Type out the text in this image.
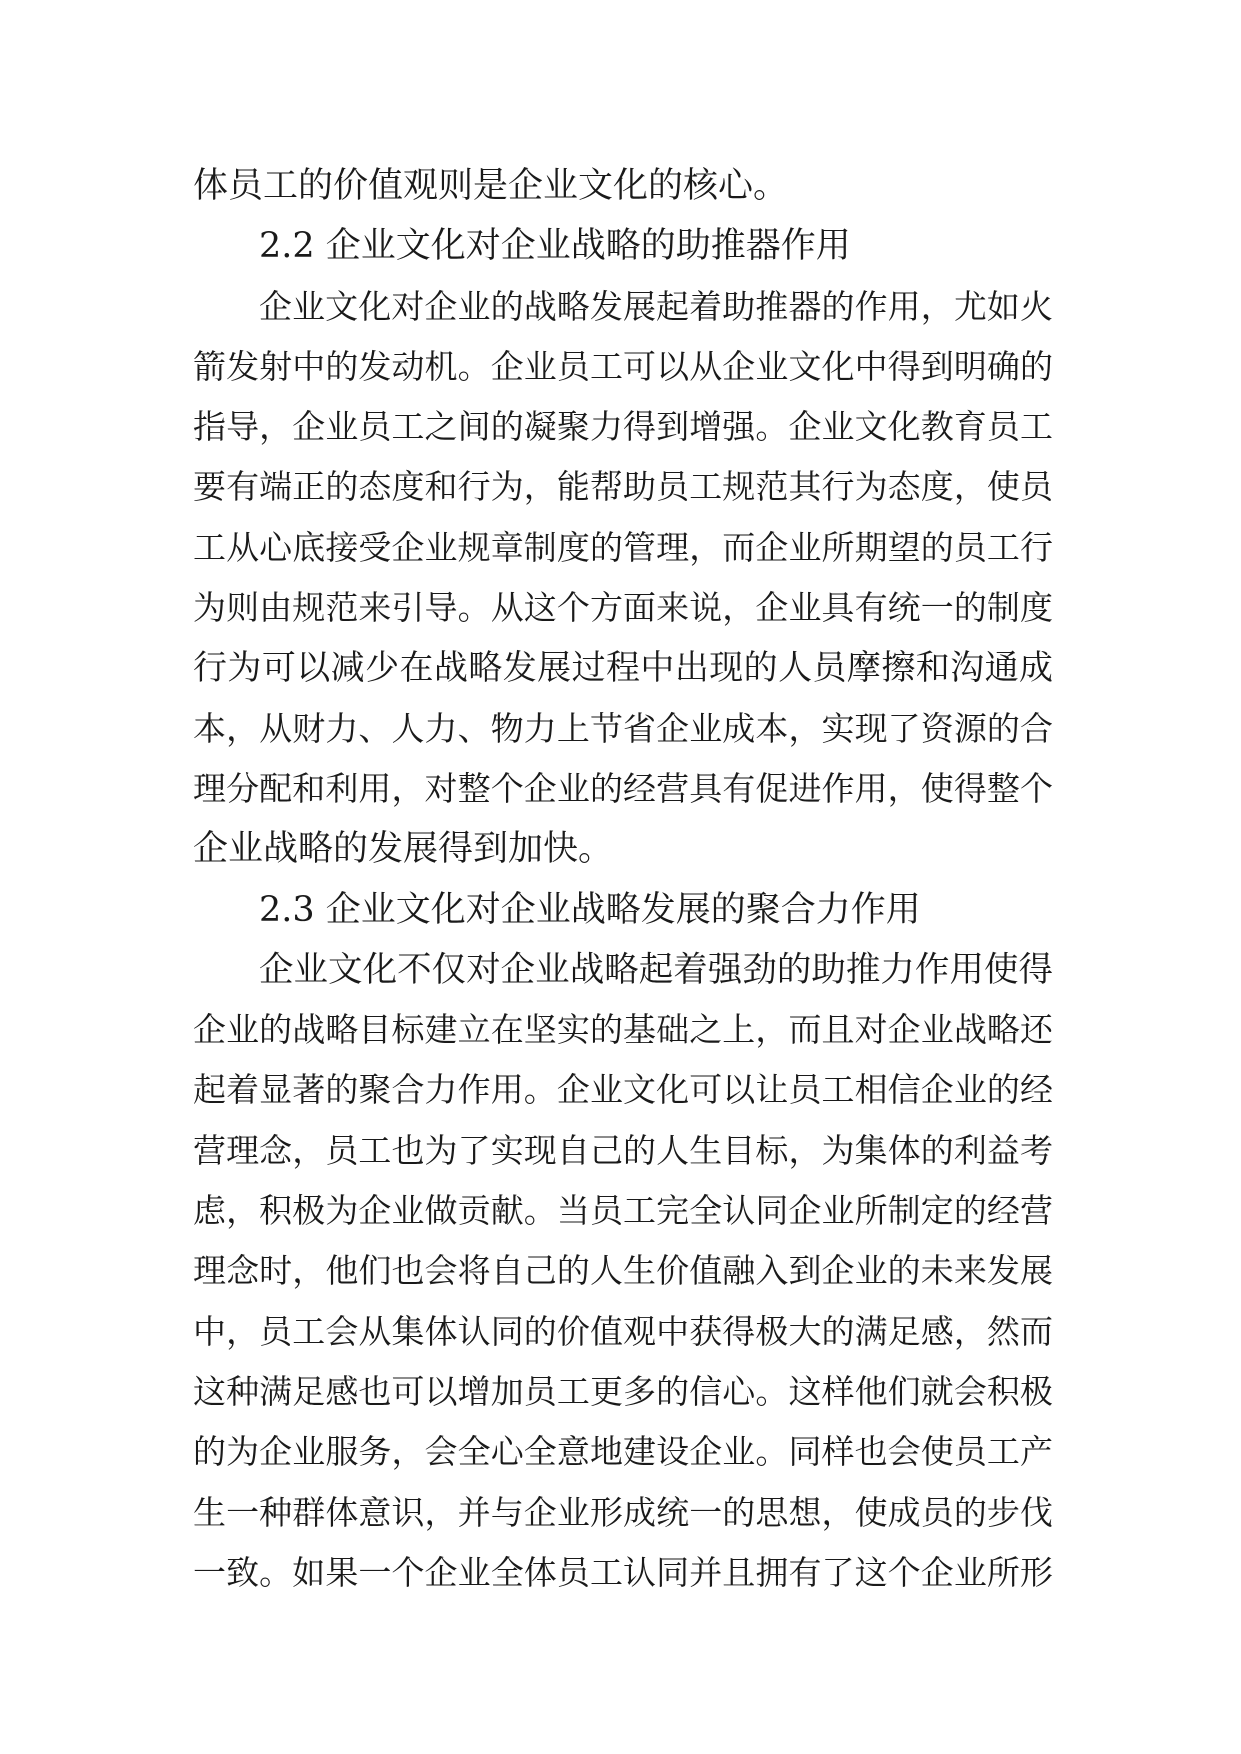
体员工的价值观则是企业文化的核心。
2.2 企业文化对企业战略的助推器作用
企业文化对企业的战略发展起着助推器的作用，尤如火
箭发射中的发动机。企业员工可以从企业文化中得到明确的
指导，企业员工之间的凝聚力得到增强。企业文化教育员工
要有端正的态度和行为，能帮助员工规范其行为态度，使员
工从心底接受企业规章制度的管理，而企业所期望的员工行
为则由规范来引导。从这个方面来说，企业具有统一的制度
行为可以减少在战略发展过程中出现的人员摩擦和沟通成
本，从财力、人力、物力上节省企业成本，实现了资源的合
理分配和利用，对整个企业的经营具有促进作用，使得整个
企业战略的发展得到加快。
2.3 企业文化对企业战略发展的聚合力作用
企业文化不仅对企业战略起着强劲的助推力作用使得
企业的战略目标建立在坚实的基础之上，而且对企业战略还
起着显著的聚合力作用。企业文化可以让员工相信企业的经
营理念，员工也为了实现自己的人生目标，为集体的利益考
虑，积极为企业做贡献。当员工完全认同企业所制定的经营
理念时，他们也会将自己的人生价值融入到企业的未来发展
中，员工会从集体认同的价值观中获得极大的满足感，然而
这种满足感也可以增加员工更多的信心。这样他们就会积极
的为企业服务，会全心全意地建设企业。同样也会使员工产
生一种群体意识，并与企业形成统一的思想，使成员的步伐
一致。如果一个企业全体员工认同并且拥有了这个企业所形
